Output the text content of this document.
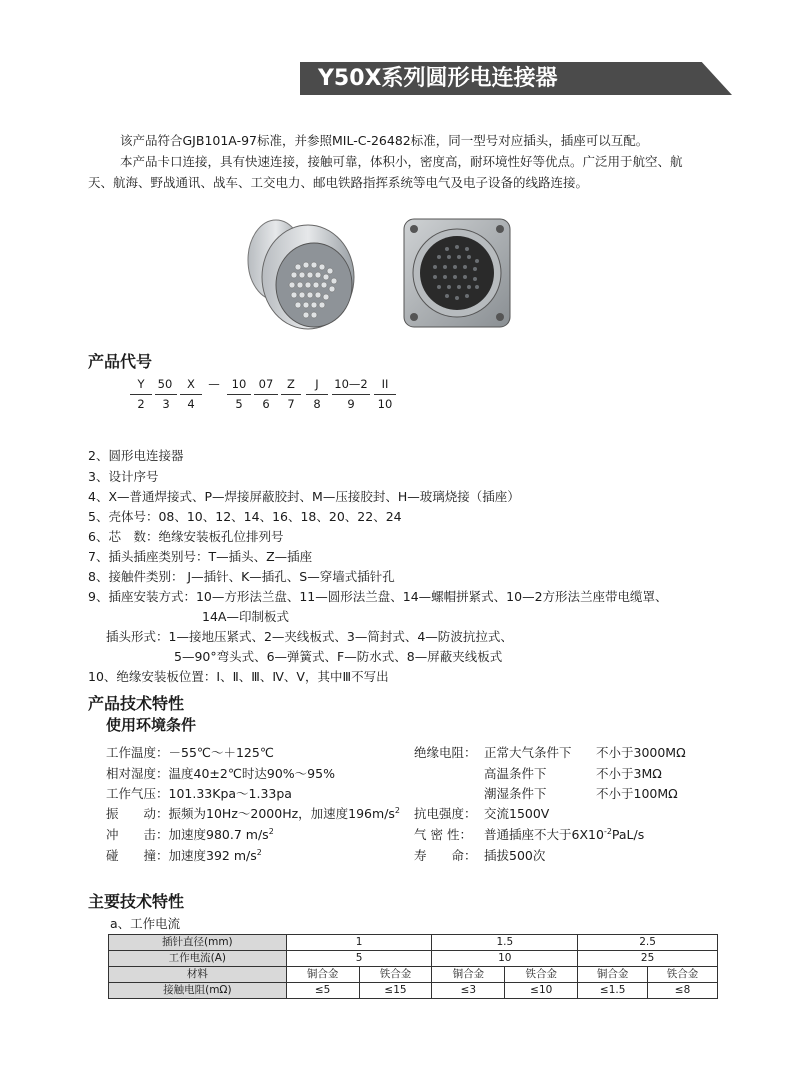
Y50X系列圆形电连接器
该产品符合GJB101A-97标准，并参照MIL-C-26482标准，同一型号对应插头，插座可以互配。
本产品卡口连接，具有快速连接，接触可靠，体积小，密度高，耐环境性好等优点。广泛用于航空、航
天、航海、野战通讯、战车、工交电力、邮电铁路指挥系统等电气及电子设备的线路连接。
产品代号
Y	50	X	—	10	07	Z	J	10—2	II
2	3	4	5	6	7	8	9	10
2、圆形电连接器
3、设计序号
4、X—普通焊接式、P—焊接屏蔽胶封、M—压接胶封、H—玻璃烧接（插座）
5、壳体号：08、10、12、14、16、18、20、22、24
6、芯　数：绝缘安装板孔位排列号
7、插头插座类别号：T—插头、Z—插座
8、接触件类别： J—插针、K—插孔、S—穿墙式插针孔
9、插座安装方式：10—方形法兰盘、11—圆形法兰盘、14—螺帽拼紧式、10—2方形法兰座带电缆罩、
14A—印制板式
插头形式：1—接地压紧式、2—夹线板式、3—简封式、4—防波抗拉式、
5—90°弯头式、6—弹簧式、F—防水式、8—屏蔽夹线板式
10、绝缘安装板位置：Ⅰ、Ⅱ、Ⅲ、Ⅳ、Ⅴ，其中Ⅲ不写出
产品技术特性
使用环境条件
工作温度：－55℃～＋125℃
相对湿度：温度40±2℃时达90%～95%
工作气压：101.33Kpa～1.33pa
振　　动：振频为10Hz～2000Hz，加速度$196m/s^2$
冲　　击：加速度980.7 $m/s^2$
碰　　撞：加速度392 $m/s^2$
绝缘电阻： 正常大气条件下 不小于3000MΩ
高温条件下	不小于3MΩ
潮湿条件下	不小于100MΩ
抗电强度： 交流1500V
气 密 性： 普通插座不大于$6X10^{-2}PaL/s$
寿　　命： 插拔500次
主要技术特性
a、工作电流
插针直径(mm)	1		1.5		2.5	
工作电流(A)	5		10		25	
材料	铜合金	铁合金	铜合金	铁合金	铜合金	铁合金
接触电阻(mΩ)	≤5	≤15	≤3	≤10	≤1.5	≤8
